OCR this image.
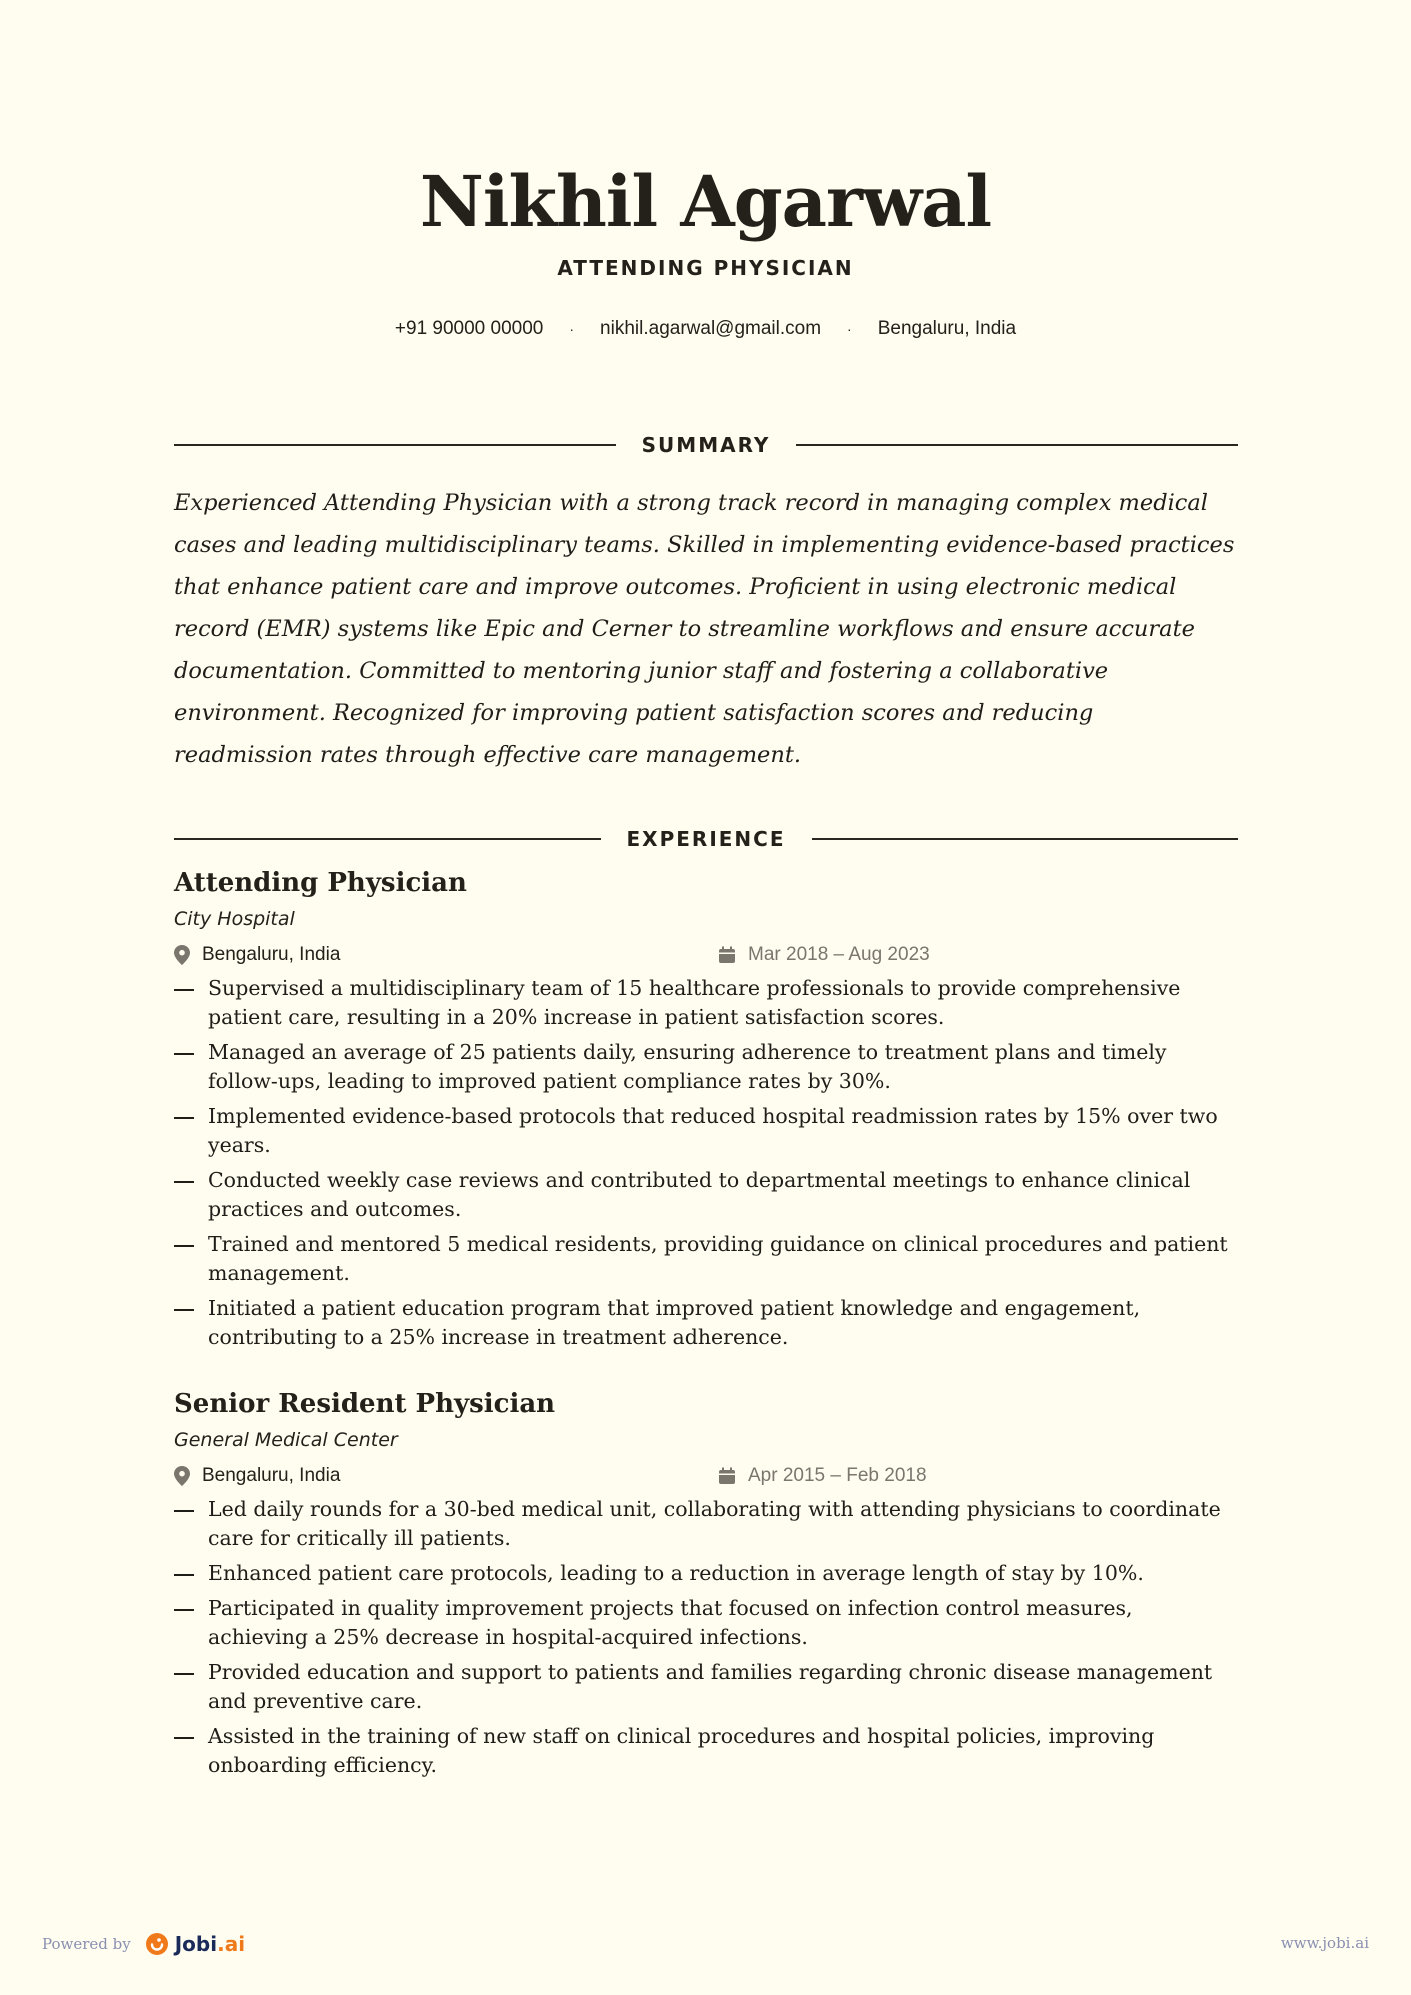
Nikhil Agarwal
ATTENDING PHYSICIAN
+91 90000 00000 · nikhil.agarwal@gmail.com · Bengaluru, India
SUMMARY

Experienced Attending Physician with a strong track record in managing complex medical cases and leading multidisciplinary teams. Skilled in implementing evidence-based practices that enhance patient care and improve outcomes. Proficient in using electronic medical record (EMR) systems like Epic and Cerner to streamline workflows and ensure accurate documentation. Committed to mentoring junior staff and fostering a collaborative environment. Recognized for improving patient satisfaction scores and reducing readmission rates through effective care management.

EXPERIENCE
Attending Physician
City Hospital
Bengaluru, India	Mar 2018 – Aug 2023
Supervised a multidisciplinary team of 15 healthcare professionals to provide comprehensive patient care, resulting in a 20% increase in patient satisfaction scores.
Managed an average of 25 patients daily, ensuring adherence to treatment plans and timely follow-ups, leading to improved patient compliance rates by 30%.
Implemented evidence-based protocols that reduced hospital readmission rates by 15% over two years.
Conducted weekly case reviews and contributed to departmental meetings to enhance clinical practices and outcomes.
Trained and mentored 5 medical residents, providing guidance on clinical procedures and patient management.
Initiated a patient education program that improved patient knowledge and engagement, contributing to a 25% increase in treatment adherence.
Senior Resident Physician
General Medical Center
Bengaluru, India	Apr 2015 – Feb 2018
Led daily rounds for a 30-bed medical unit, collaborating with attending physicians to coordinate care for critically ill patients.
Enhanced patient care protocols, leading to a reduction in average length of stay by 10%.
Participated in quality improvement projects that focused on infection control measures, achieving a 25% decrease in hospital-acquired infections.
Provided education and support to patients and families regarding chronic disease management and preventive care.
Assisted in the training of new staff on clinical procedures and hospital policies, improving onboarding efficiency.
Powered by Jobi.ai	www.jobi.ai
